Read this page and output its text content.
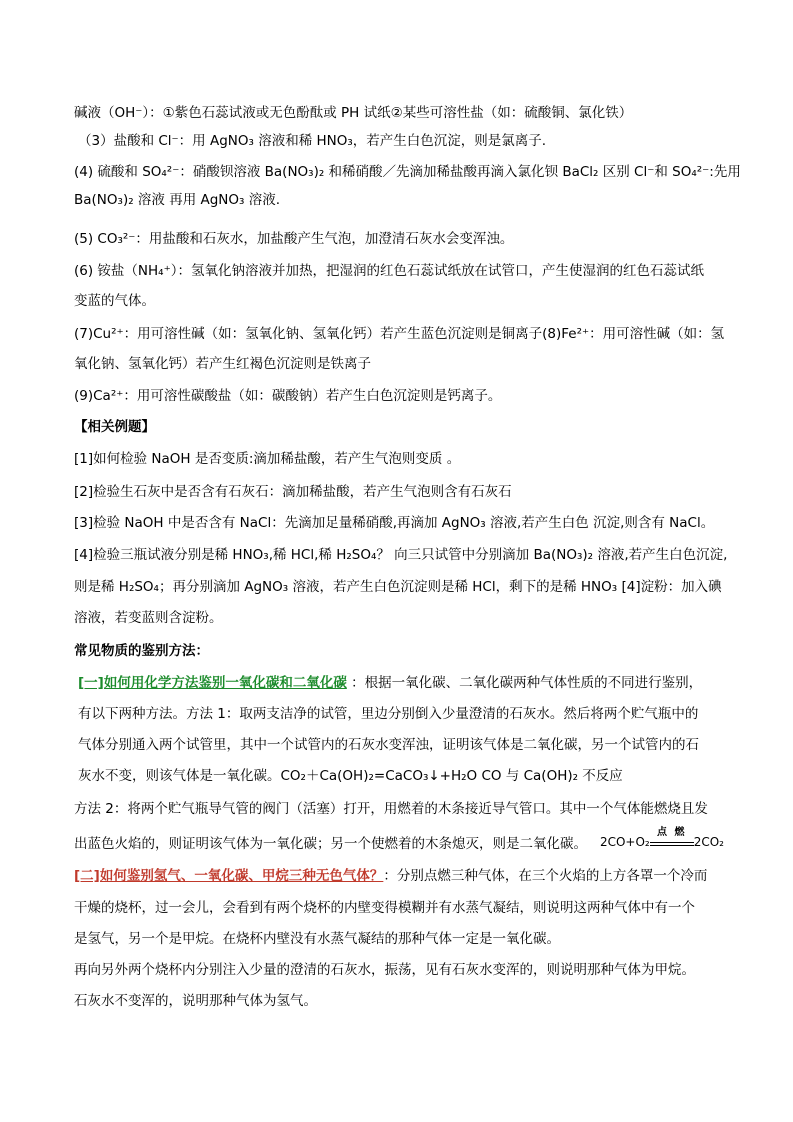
碱液（OH⁻）：①紫色石蕊试液或无色酚酞或 PH 试纸②某些可溶性盐（如：硫酸铜、氯化铁）
（3）盐酸和 Cl⁻：用 AgNO₃ 溶液和稀 HNO₃，若产生白色沉淀，则是氯离子.
(4) 硫酸和 SO₄²⁻：硝酸钡溶液 Ba(NO₃)₂ 和稀硝酸／先滴加稀盐酸再滴入氯化钡 BaCl₂ 区别 Cl⁻和 SO₄²⁻:先用
Ba(NO₃)₂ 溶液 再用 AgNO₃ 溶液.
(5) CO₃²⁻：用盐酸和石灰水，加盐酸产生气泡，加澄清石灰水会变浑浊。
(6) 铵盐（NH₄⁺）：氢氧化钠溶液并加热，把湿润的红色石蕊试纸放在试管口，产生使湿润的红色石蕊试纸
变蓝的气体。
(7)Cu²⁺：用可溶性碱（如：氢氧化钠、氢氧化钙）若产生蓝色沉淀则是铜离子(8)Fe²⁺：用可溶性碱（如：氢
氧化钠、氢氧化钙）若产生红褐色沉淀则是铁离子
(9)Ca²⁺：用可溶性碳酸盐（如：碳酸钠）若产生白色沉淀则是钙离子。
【相关例题】
[1]如何检验 NaOH 是否变质:滴加稀盐酸，若产生气泡则变质 。
[2]检验生石灰中是否含有石灰石：滴加稀盐酸，若产生气泡则含有石灰石
[3]检验 NaOH 中是否含有 NaCl：先滴加足量稀硝酸,再滴加 AgNO₃ 溶液,若产生白色 沉淀,则含有 NaCl。
[4]检验三瓶试液分别是稀 HNO₃,稀 HCl,稀 H₂SO₄？ 向三只试管中分别滴加 Ba(NO₃)₂ 溶液,若产生白色沉淀,
则是稀 H₂SO₄；再分别滴加 AgNO₃ 溶液，若产生白色沉淀则是稀 HCl，剩下的是稀 HNO₃ [4]淀粉：加入碘
溶液，若变蓝则含淀粉。
常见物质的鉴别方法：
[一]如何用化学方法鉴别一氧化碳和二氧化碳 ：根据一氧化碳、二氧化碳两种气体性质的不同进行鉴别，
有以下两种方法。方法 1：取两支洁净的试管，里边分别倒入少量澄清的石灰水。然后将两个贮气瓶中的
气体分别通入两个试管里，其中一个试管内的石灰水变浑浊，证明该气体是二氧化碳，另一个试管内的石
灰水不变，则该气体是一氧化碳。CO₂＋Ca(OH)₂=CaCO₃↓+H₂O CO 与 Ca(OH)₂ 不反应
方法 2：将两个贮气瓶导气管的阀门（活塞）打开，用燃着的木条接近导气管口。其中一个气体能燃烧且发
出蓝色火焰的，则证明该气体为一氧化碳；另一个使燃着的木条熄灭，则是二氧化碳。 2CO+O₂
点 燃
2CO₂
[二]如何鉴别氢气、一氧化碳、甲烷三种无色气体？：分别点燃三种气体，在三个火焰的上方各罩一个冷而
干燥的烧杯，过一会儿，会看到有两个烧杯的内壁变得模糊并有水蒸气凝结，则说明这两种气体中有一个
是氢气，另一个是甲烷。在烧杯内壁没有水蒸气凝结的那种气体一定是一氧化碳。
再向另外两个烧杯内分别注入少量的澄清的石灰水，振荡，见有石灰水变浑的，则说明那种气体为甲烷。
石灰水不变浑的，说明那种气体为氢气。
